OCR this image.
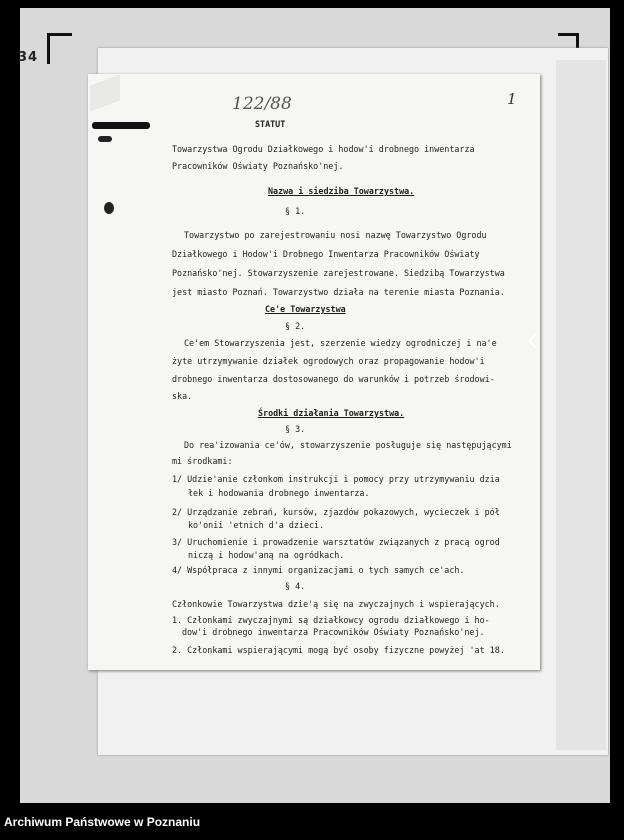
34
122/88	1
STATUT
Towarzystwa Ogrodu Działkowego i hodow'i drobnego inwentarza
Pracowników Oświaty Poznańsko'nej.
Nazwa i siedziba Towarzystwa.
§ 1.
Towarzystwo po zarejestrowaniu nosi nazwę Towarzystwo Ogrodu
Działkowego i Hodow'i Drobnego Inwentarza Pracowników Oświaty
Poznańsko'nej. Stowarzyszenie zarejestrowane. Siedzibą Towarzystwa
jest miasto Poznań. Towarzystwo działa na terenie miasta Poznania.
Ce'e Towarzystwa
§ 2.
Ce'em Stowarzyszenia jest, szerzenie wiedzy ogrodniczej i na'e
żyte utrzymywanie działek ogrodowych oraz propagowanie hodow'i
drobnego inwentarza dostosowanego do warunków i potrzeb środowi-
ska.
Środki działania Towarzystwa.
§ 3.
Do rea'izowania ce'ów, stowarzyszenie posługuje się następującymi
mi środkami:
1/ Udzie'anie członkom instrukcji i pomocy przy utrzymywaniu dzia
łek i hodowania drobnego inwentarza.
2/ Urządzanie zebrań, kursów, zjazdów pokazowych, wycieczek i pół
ko'onii 'etnich d'a dzieci.
3/ Uruchomienie i prowadzenie warsztatów związanych z pracą ogrod
niczą i hodow'aną na ogródkach.
4/ Współpraca z innymi organizacjami o tych samych ce'ach.
§ 4.
Członkowie Towarzystwa dzie'ą się na zwyczajnych i wspierających.
1. Członkami zwyczajnymi są działkowcy ogrodu działkowego i ho-
dow'i drobnego inwentarza Pracowników Oświaty Poznańsko'nej.
2. Członkami wspierającymi mogą być osoby fizyczne powyżej 'at 18.
Archiwum Państwowe w Poznaniu
